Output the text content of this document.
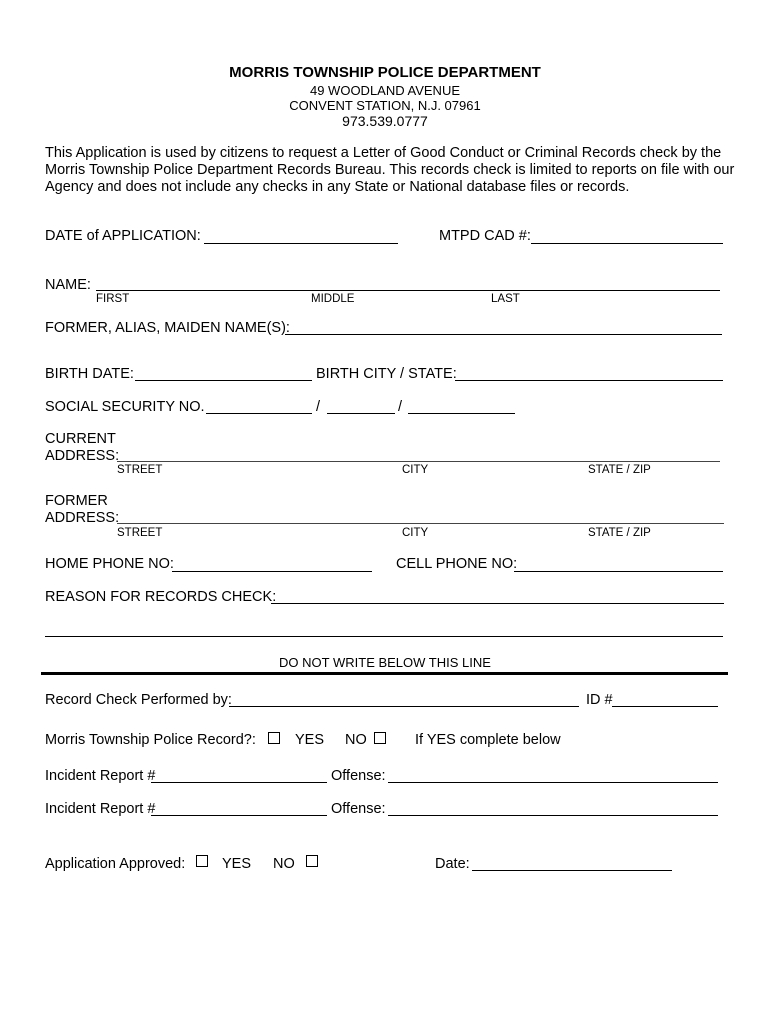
MORRIS TOWNSHIP POLICE DEPARTMENT
49 WOODLAND AVENUE
CONVENT STATION, N.J. 07961
973.539.0777
This Application is used by citizens to request a Letter of Good Conduct or Criminal Records check by the
Morris Township Police Department Records Bureau. This records check is limited to reports on file with our
Agency and does not include any checks in any State or National database files or records.
DATE of APPLICATION:	MTPD CAD #:
NAME:
FIRST	MIDDLE	LAST
FORMER, ALIAS, MAIDEN NAME(S):
BIRTH DATE:	BIRTH CITY / STATE:
SOCIAL SECURITY NO.	/	/
CURRENT
ADDRESS:
STREET	CITY	STATE / ZIP
FORMER
ADDRESS:
STREET	CITY	STATE / ZIP
HOME PHONE NO:	CELL PHONE NO:
REASON FOR RECORDS CHECK:
DO NOT WRITE BELOW THIS LINE
Record Check Performed by:	ID #
Morris Township Police Record?:	YES NO	If YES complete below
Incident Report #	Offense:
Incident Report #	Offense:
Application Approved:	YES NO	Date:
